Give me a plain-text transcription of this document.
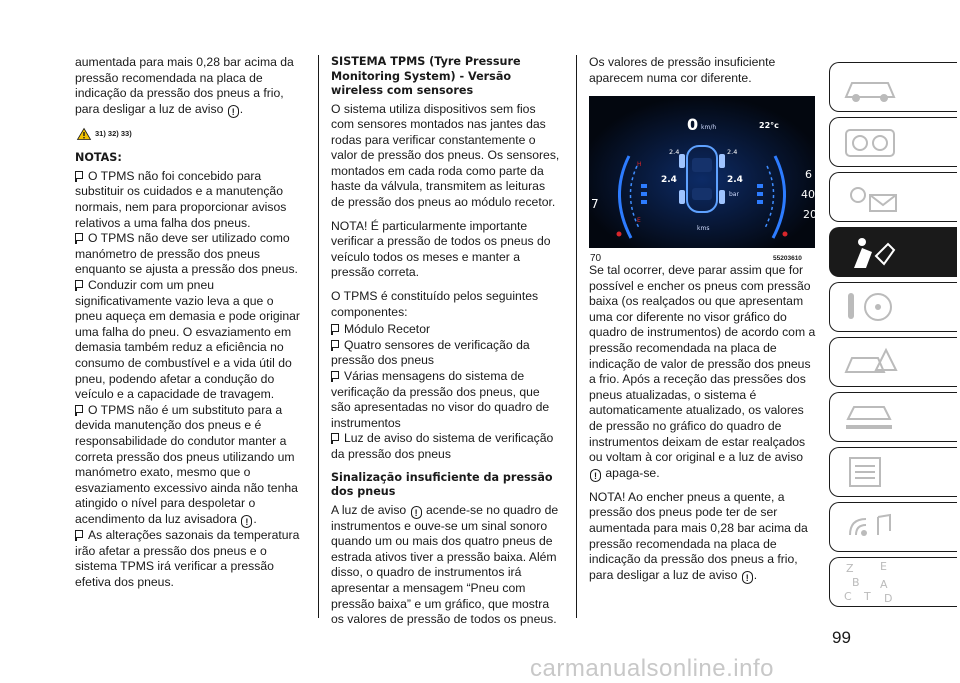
aumentada para mais 0,28 bar acima da pressão recomendada na placa de indicação da pressão dos pneus a frio, para desligar a luz de aviso ! .

31) 32) 33)
NOTAS:

O TPMS não foi concebido para substituir os cuidados e a manutenção normais, nem para proporcionar avisos relativos a uma falha dos pneus.

O TPMS não deve ser utilizado como manómetro de pressão dos pneus enquanto se ajusta a pressão dos pneus.

Conduzir com um pneu significativamente vazio leva a que o pneu aqueça em demasia e pode originar uma falha do pneu. O esvaziamento em demasia também reduz a eficiência no consumo de combustível e a vida útil do pneu, podendo afetar a condução do veículo e a capacidade de travagem.

O TPMS não é um substituto para a devida manutenção dos pneus e é responsabilidade do condutor manter a correta pressão dos pneus utilizando um manómetro exato, mesmo que o esvaziamento excessivo ainda não tenha atingido o nível para despoletar o acendimento da luz avisadora ! .

As alterações sazonais da temperatura irão afetar a pressão dos pneus e o sistema TPMS irá verificar a pressão efetiva dos pneus.

SISTEMA TPMS (Tyre Pressure Monitoring System) - Versão wireless com sensores

O sistema utiliza dispositivos sem fios com sensores montados nas jantes das rodas para verificar constantemente o valor de pressão dos pneus. Os sensores, montados em cada roda como parte da haste da válvula, transmitem as leituras de pressão dos pneus ao módulo recetor.

NOTA! É particularmente importante verificar a pressão de todos os pneus do veículo todos os meses e manter a pressão correta.

O TPMS é constituído pelos seguintes componentes:

Módulo Recetor

Quatro sensores de verificação da pressão dos pneus

Várias mensagens do sistema de verificação da pressão dos pneus, que são apresentadas no visor do quadro de instrumentos

Luz de aviso do sistema de verificação da pressão dos pneus

Sinalização insuficiente da pressão dos pneus

A luz de aviso ! acende-se no quadro de instrumentos e ouve-se um sinal sonoro quando um ou mais dos quatro pneus de estrada ativos tiver a pressão baixa. Além disso, o quadro de instrumentos irá apresentar a mensagem “Pneu com pressão baixa” e um gráfico, que mostra os valores de pressão de todos os pneus.

Os valores de pressão insuficiente aparecem numa cor diferente.

0 km/h	22°c
2.4	2.4
2.4	2.4
bar
kms
7
6
40
20
H
E
70	55203610

Se tal ocorrer, deve parar assim que for possível e encher os pneus com pressão baixa (os realçados ou que apresentam uma cor diferente no visor gráfico do quadro de instrumentos) de acordo com a pressão recomendada na placa de indicação de valor de pressão dos pneus a frio. Após a receção das pressões dos pneus atualizadas, o sistema é automaticamente atualizado, os valores de pressão no gráfico do quadro de instrumentos deixam de estar realçados ou voltam à cor original e a luz de aviso ! apaga-se.

NOTA! Ao encher pneus a quente, a pressão dos pneus pode ter de ser aumentada para mais 0,28 bar acima da pressão recomendada na placa de indicação da pressão dos pneus a frio, para desligar a luz de aviso ! .	Z E
B A
C T D
99
carmanualsonline.info
